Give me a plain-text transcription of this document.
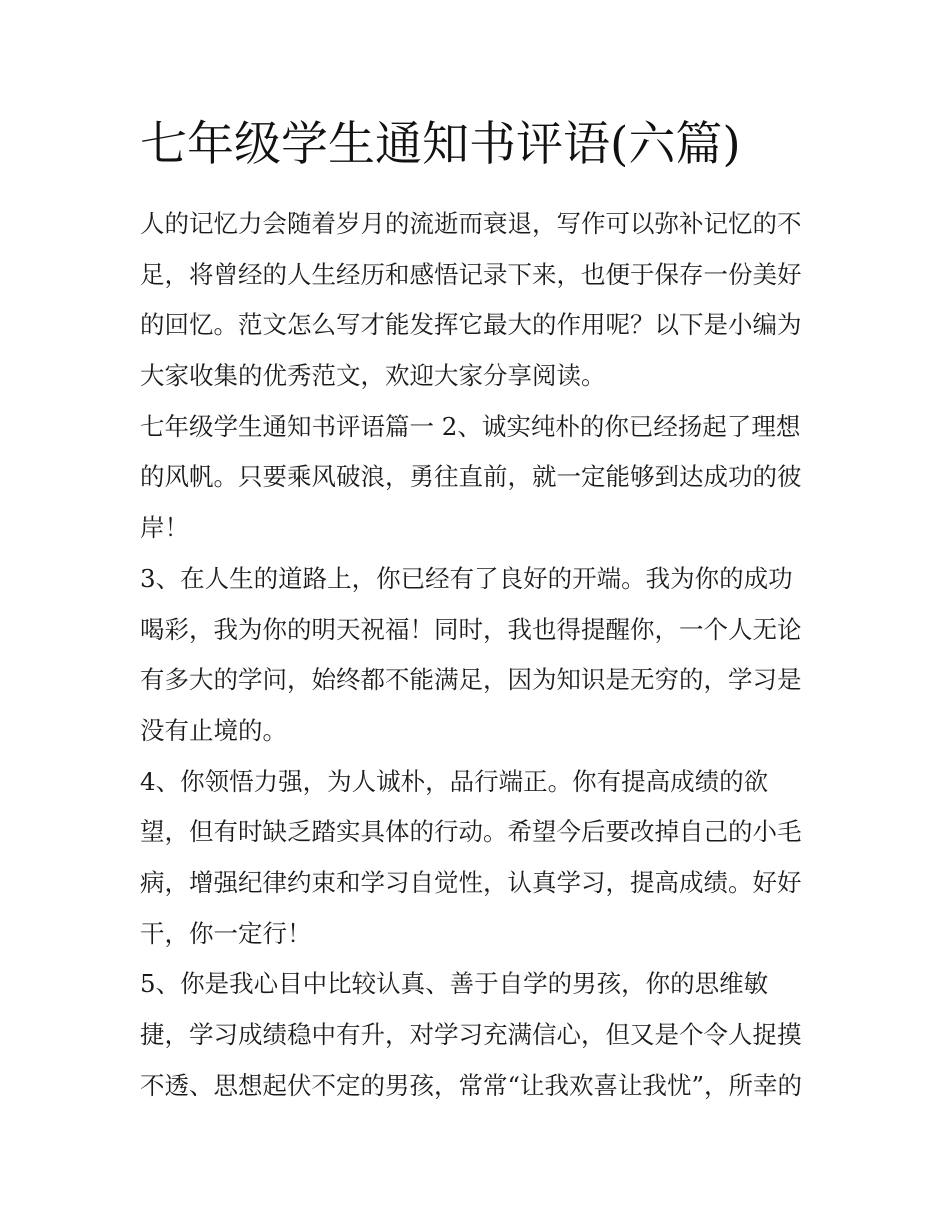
七年级学生通知书评语(六篇)

人的记忆力会随着岁月的流逝而衰退，写作可以弥补记忆的不
足，将曾经的人生经历和感悟记录下来，也便于保存一份美好
的回忆。范文怎么写才能发挥它最大的作用呢？以下是小编为
大家收集的优秀范文，欢迎大家分享阅读。

七年级学生通知书评语篇一 2、诚实纯朴的你已经扬起了理想
的风帆。只要乘风破浪，勇往直前，就一定能够到达成功的彼
岸！

3、在人生的道路上，你已经有了良好的开端。我为你的成功
喝彩，我为你的明天祝福！同时，我也得提醒你，一个人无论
有多大的学问，始终都不能满足，因为知识是无穷的，学习是
没有止境的。

4、你领悟力强，为人诚朴，品行端正。你有提高成绩的欲
望，但有时缺乏踏实具体的行动。希望今后要改掉自己的小毛
病，增强纪律约束和学习自觉性，认真学习，提高成绩。好好
干，你一定行！

5、你是我心目中比较认真、善于自学的男孩，你的思维敏
捷，学习成绩稳中有升，对学习充满信心，但又是个令人捉摸
不透、思想起伏不定的男孩，常常“让我欢喜让我忧”，所幸的
